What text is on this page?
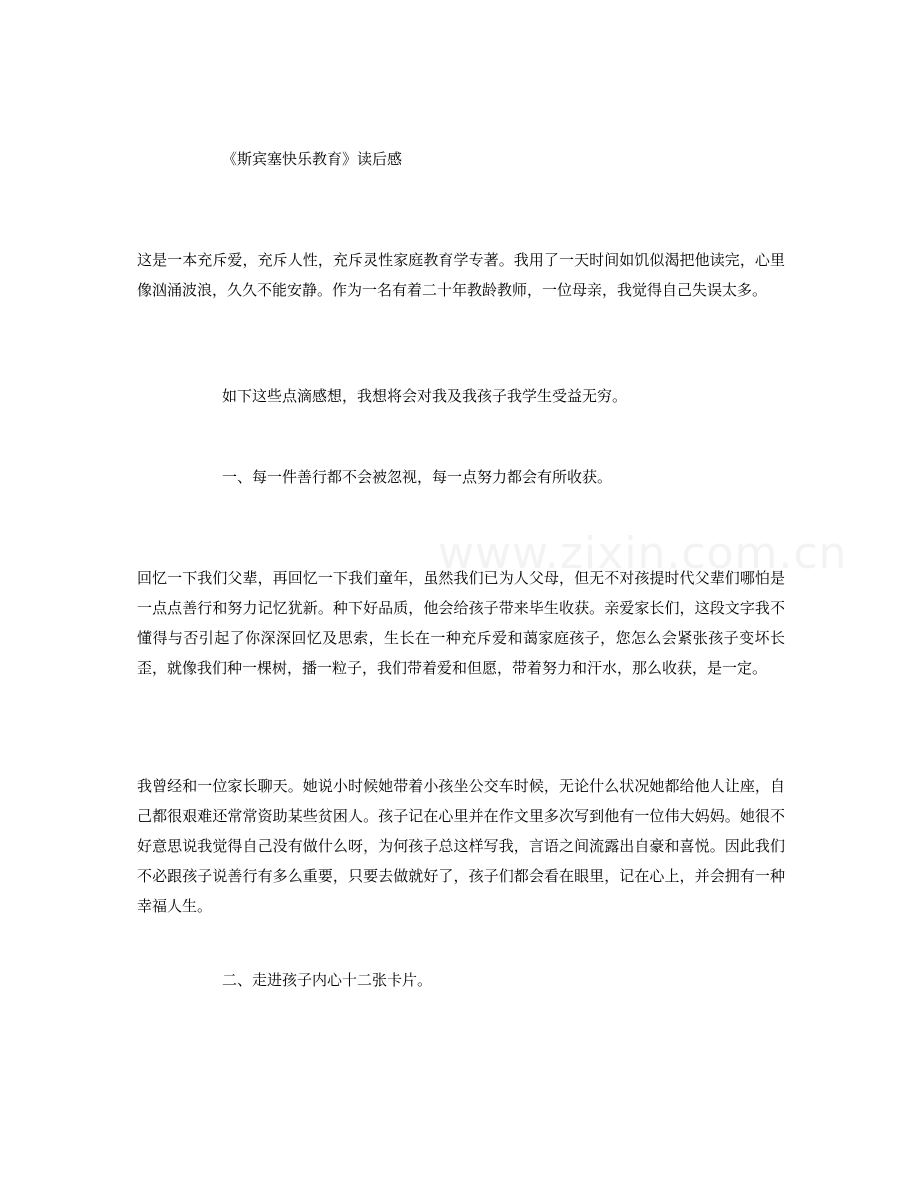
《斯宾塞快乐教育》读后感
这是一本充斥爱，充斥人性，充斥灵性家庭教育学专著。我用了一天时间如饥似渴把他读完，心里像汹涌波浪，久久不能安静。作为一名有着二十年教龄教师，一位母亲，我觉得自己失误太多。
如下这些点滴感想，我想将会对我及我孩子我学生受益无穷。
一、每一件善行都不会被忽视，每一点努力都会有所收获。
回忆一下我们父辈，再回忆一下我们童年，虽然我们已为人父母，但无不对孩提时代父辈们哪怕是一点点善行和努力记忆犹新。种下好品质，他会给孩子带来毕生收获。亲爱家长们，这段文字我不懂得与否引起了你深深回忆及思索，生长在一种充斥爱和蔼家庭孩子，您怎么会紧张孩子变坏长歪，就像我们种一棵树，播一粒子，我们带着爱和但愿，带着努力和汗水，那么收获，是一定。
我曾经和一位家长聊天。她说小时候她带着小孩坐公交车时候，无论什么状况她都给他人让座，自己都很艰难还常常资助某些贫困人。孩子记在心里并在作文里多次写到他有一位伟大妈妈。她很不好意思说我觉得自己没有做什么呀，为何孩子总这样写我，言语之间流露出自豪和喜悦。因此我们不必跟孩子说善行有多么重要，只要去做就好了，孩子们都会看在眼里，记在心上，并会拥有一种幸福人生。
二、走进孩子内心十二张卡片。
www.zixin.com.cn
